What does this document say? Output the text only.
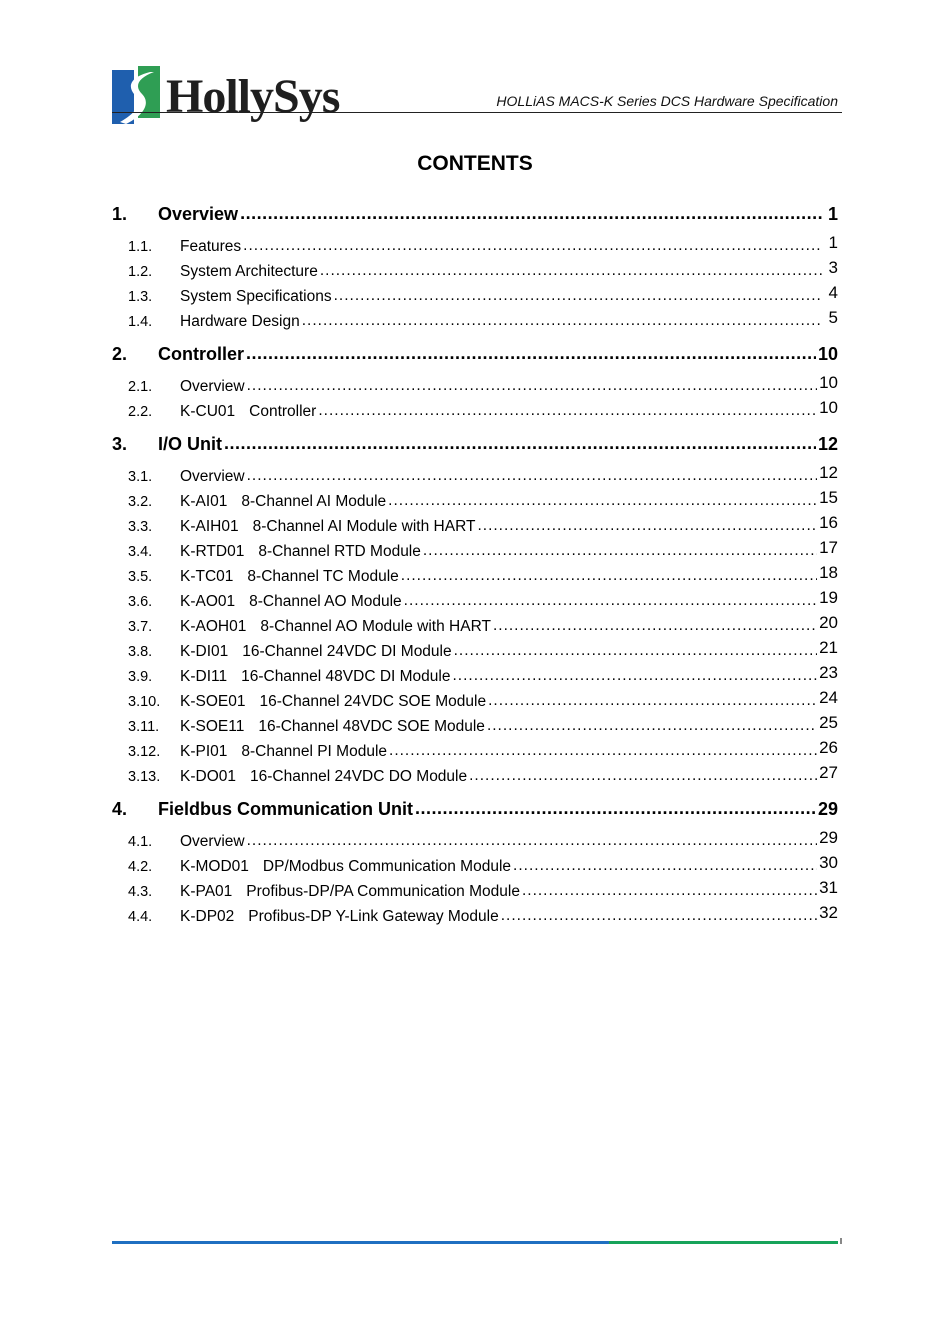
HollySys	HOLLiAS MACS-K Series DCS Hardware Specification
CONTENTS
1.	Overview .....	1
1.1.	Features .....	1
1.2.	System Architecture .....	3
1.3.	System Specifications .....	4
1.4.	Hardware Design .....	5
2.	Controller .....	10
2.1.	Overview .....	10
2.2.	K-CU01 Controller .....	10
3.	I/O Unit .....	12
3.1.	Overview .....	12
3.2.	K-AI01 8-Channel AI Module .....	15
3.3.	K-AIH01 8-Channel AI Module with HART .....	16
3.4.	K-RTD01 8-Channel RTD Module .....	17
3.5.	K-TC01 8-Channel TC Module .....	18
3.6.	K-AO01 8-Channel AO Module .....	19
3.7.	K-AOH01 8-Channel AO Module with HART .....	20
3.8.	K-DI01 16-Channel 24VDC DI Module .....	21
3.9.	K-DI11 16-Channel 48VDC DI Module .....	23
3.10.	K-SOE01 16-Channel 24VDC SOE Module .....	24
3.11.	K-SOE11 16-Channel 48VDC SOE Module .....	25
3.12.	K-PI01 8-Channel PI Module .....	26
3.13.	K-DO01 16-Channel 24VDC DO Module .....	27
4.	Fieldbus Communication Unit .....	29
4.1.	Overview .....	29
4.2.	K-MOD01 DP/Modbus Communication Module .....	30
4.3.	K-PA01 Profibus-DP/PA Communication Module .....	31
4.4.	K-DP02 Profibus-DP Y-Link Gateway Module .....	32
